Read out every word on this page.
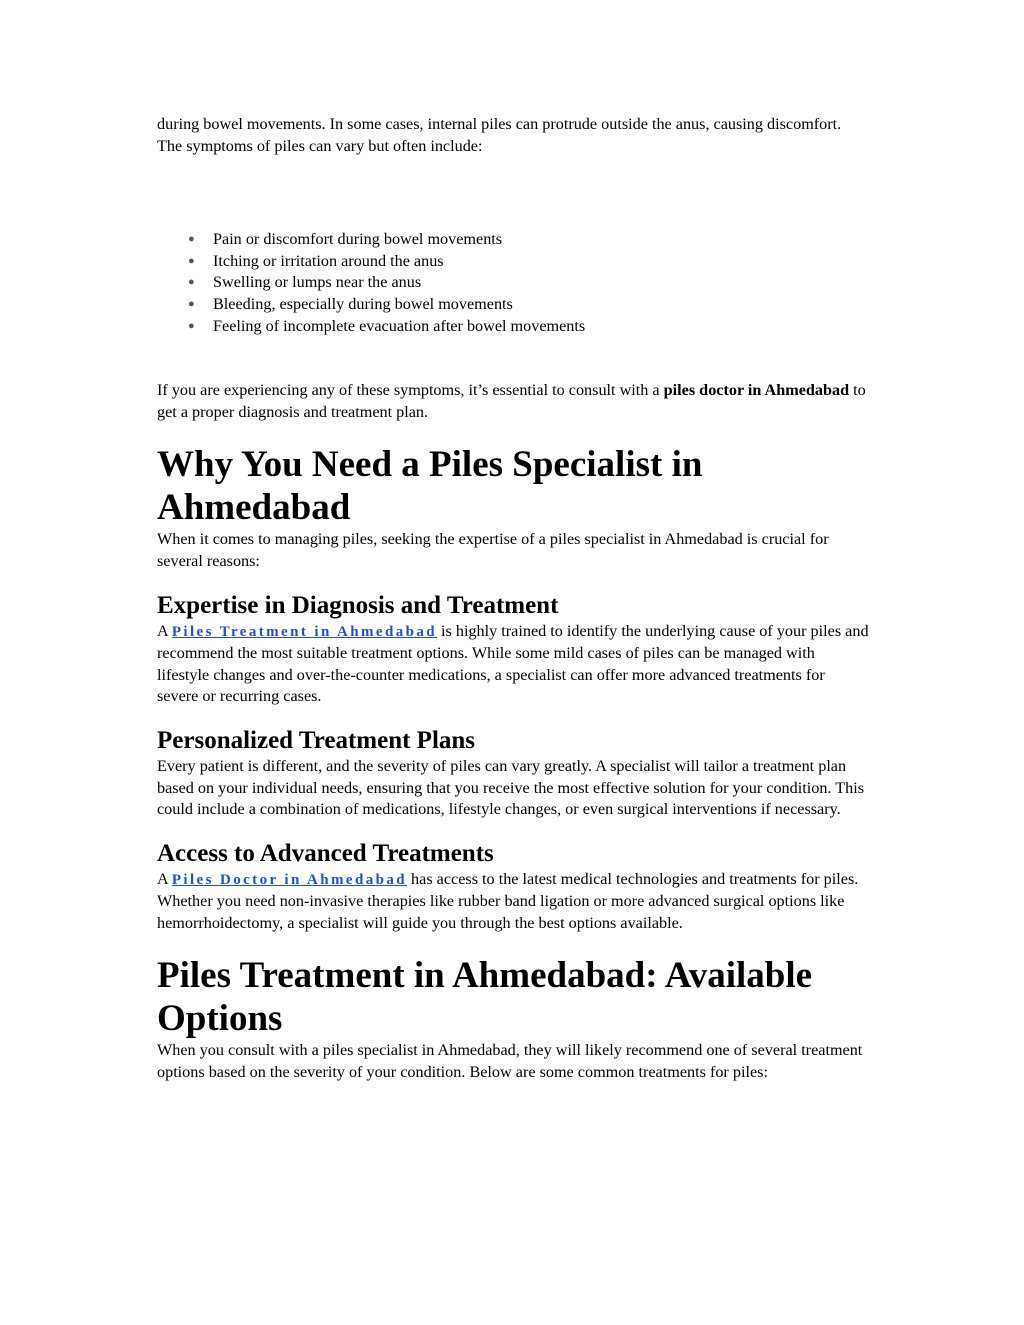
during bowel movements. In some cases, internal piles can protrude outside the anus, causing discomfort.

The symptoms of piles can vary but often include:

● Pain or discomfort during bowel movements
● Itching or irritation around the anus
● Swelling or lumps near the anus
● Bleeding, especially during bowel movements
● Feeling of incomplete evacuation after bowel movements

If you are experiencing any of these symptoms, it’s essential to consult with a piles doctor in Ahmedabad to get a proper diagnosis and treatment plan.

Why You Need a Piles Specialist in Ahmedabad

When it comes to managing piles, seeking the expertise of a piles specialist in Ahmedabad is crucial for several reasons:

Expertise in Diagnosis and Treatment

A Piles Treatment in Ahmedabad is highly trained to identify the underlying cause of your piles and recommend the most suitable treatment options. While some mild cases of piles can be managed with lifestyle changes and over-the-counter medications, a specialist can offer more advanced treatments for severe or recurring cases.

Personalized Treatment Plans

Every patient is different, and the severity of piles can vary greatly. A specialist will tailor a treatment plan based on your individual needs, ensuring that you receive the most effective solution for your condition. This could include a combination of medications, lifestyle changes, or even surgical interventions if necessary.

Access to Advanced Treatments

A Piles Doctor in Ahmedabad has access to the latest medical technologies and treatments for piles. Whether you need non-invasive therapies like rubber band ligation or more advanced surgical options like hemorrhoidectomy, a specialist will guide you through the best options available.

Piles Treatment in Ahmedabad: Available Options

When you consult with a piles specialist in Ahmedabad, they will likely recommend one of several treatment options based on the severity of your condition. Below are some common treatments for piles:
